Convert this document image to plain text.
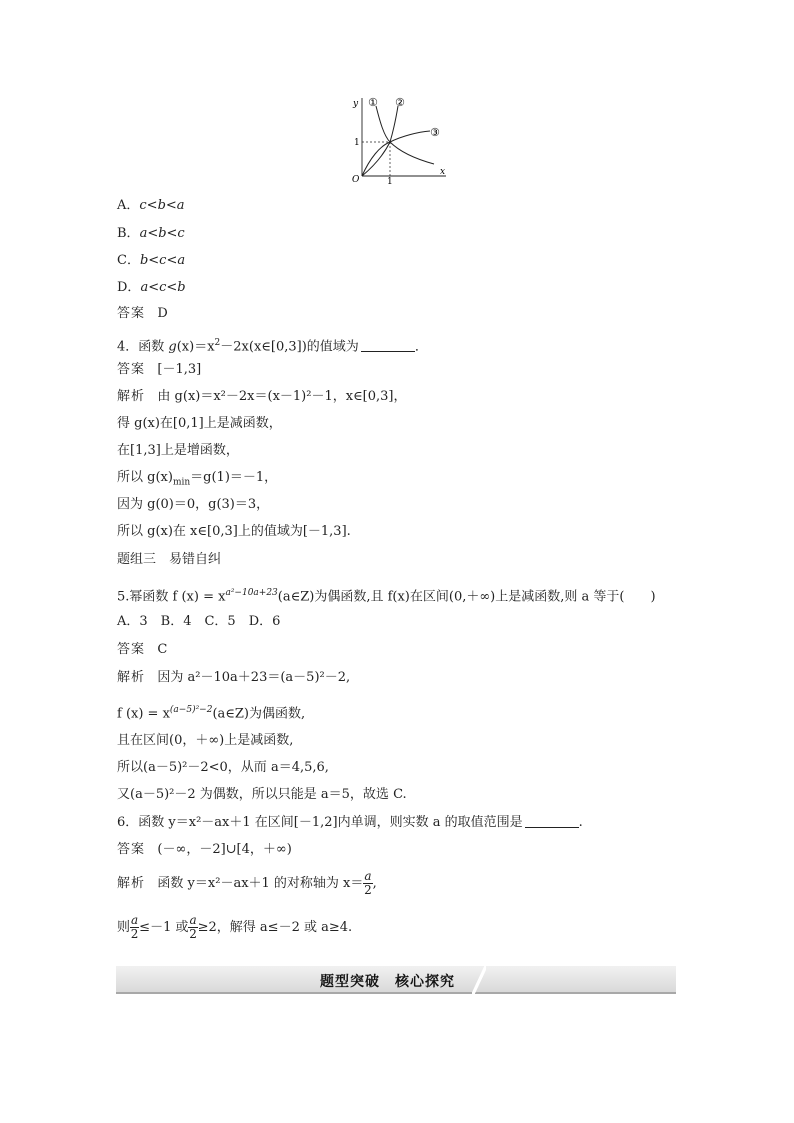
y
x
O
1
1
① ②
③
A．c<b<a
B．a<b<c
C．b<c<a
D．a<c<b
答案 D
4．函数 $g(x)=x^2-2x(x\in[0,3])$的值域为	．
答案 [－1,3]
解析 由 g(x)＝x²－2x＝(x－1)²－1，x∈[0,3]，
得 g(x)在[0,1]上是减函数，
在[1,3]上是增函数，
所以 $g(x)_{min}=g(1)=-1$，
因为 g(0)＝0，g(3)＝3，
所以 g(x)在 x∈[0,3]上的值域为[－1,3].
题组三　易错自纠
5.幂函数 f $(x) = x^{a^2-10a+23}(a\in Z)$为偶函数,且 f(x)在区间(0,＋∞)上是减函数,则 a 等于(　　)
A．3　B．4　C．5　D．6
答案 C
解析 因为 a²－10a＋23＝(a－5)²－2,
f $(x) = x^{(a-5)^2-2}(a\in Z)$为偶函数,
且在区间(0，＋∞)上是减函数,
所以(a－5)²－2<0，从而 a＝4,5,6,
又(a－5)²－2 为偶数，所以只能是 a＝5，故选 C.
6．函数 y＝x²－ax＋1 在区间[－1,2]内单调，则实数 a 的取值范围是	.
答案 (－∞，－2]∪[4，＋∞)
解析 函数 y＝x²－ax＋1 的对称轴为 $x= \frac{a}{2}$ ,
则 $\frac{a}{2} \le-1$ 或 $\frac{a}{2} \ge 2$，解得 a≤－2 或 a≥4.
题型突破　核心探究
